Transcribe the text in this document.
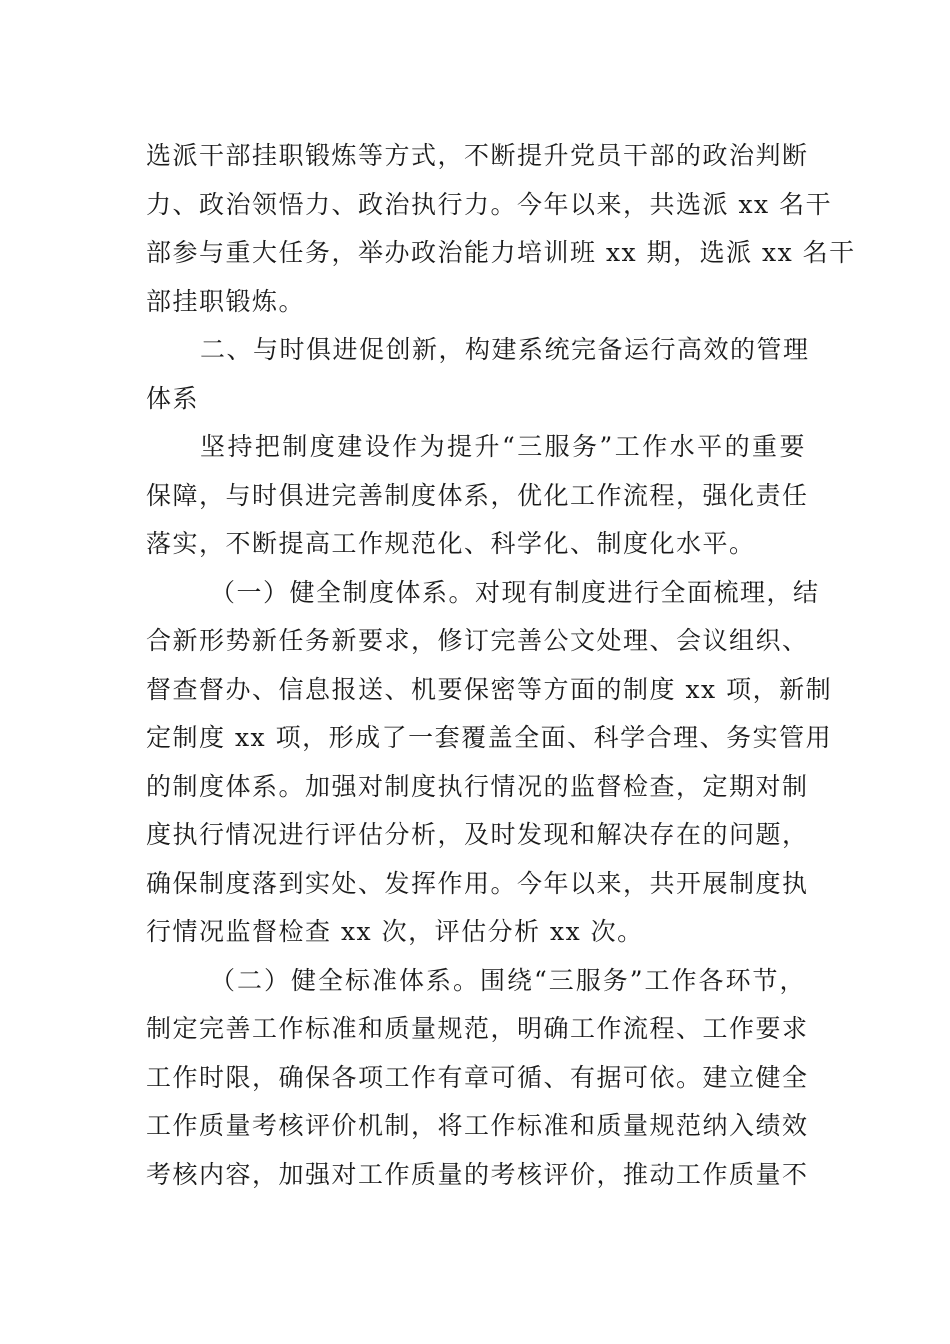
选派干部挂职锻炼等方式，不断提升党员干部的政治判断
力、政治领悟力、政治执行力。今年以来，共选派 xx 名干
部参与重大任务，举办政治能力培训班 xx 期，选派 xx 名干
部挂职锻炼。
二、与时俱进促创新，构建系统完备运行高效的管理
体系
坚持把制度建设作为提升“三服务”工作水平的重要
保障，与时俱进完善制度体系，优化工作流程，强化责任
落实，不断提高工作规范化、科学化、制度化水平。
（一）健全制度体系。对现有制度进行全面梳理，结
合新形势新任务新要求，修订完善公文处理、会议组织、
督查督办、信息报送、机要保密等方面的制度 xx 项，新制
定制度 xx 项，形成了一套覆盖全面、科学合理、务实管用
的制度体系。加强对制度执行情况的监督检查，定期对制
度执行情况进行评估分析，及时发现和解决存在的问题，
确保制度落到实处、发挥作用。今年以来，共开展制度执
行情况监督检查 xx 次，评估分析 xx 次。
（二）健全标准体系。围绕“三服务”工作各环节，
制定完善工作标准和质量规范，明确工作流程、工作要求
工作时限，确保各项工作有章可循、有据可依。建立健全
工作质量考核评价机制，将工作标准和质量规范纳入绩效
考核内容，加强对工作质量的考核评价，推动工作质量不
